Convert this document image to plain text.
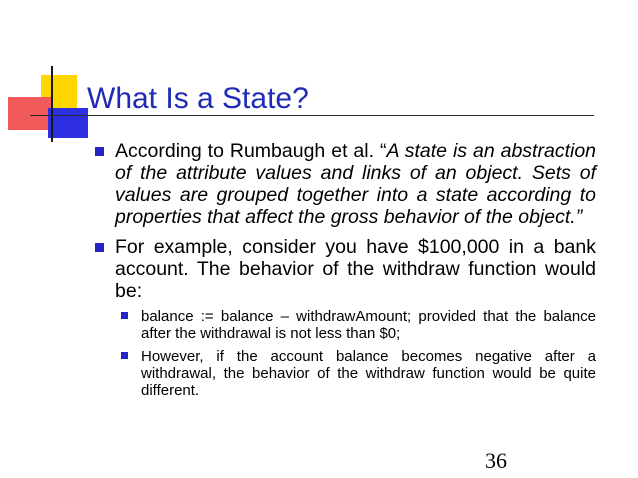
What Is a State?
According to Rumbaugh et al. “A state is an abstraction of the attribute values and links of an object. Sets of values are grouped together into a state according to properties that affect the gross behavior of the object.”
For example, consider you have $100,000 in a bank account. The behavior of the withdraw function would be:
balance := balance – withdrawAmount; provided that the balance after the withdrawal is not less than $0;
However, if the account balance becomes negative after a withdrawal, the behavior of the withdraw function would be quite different.
36
